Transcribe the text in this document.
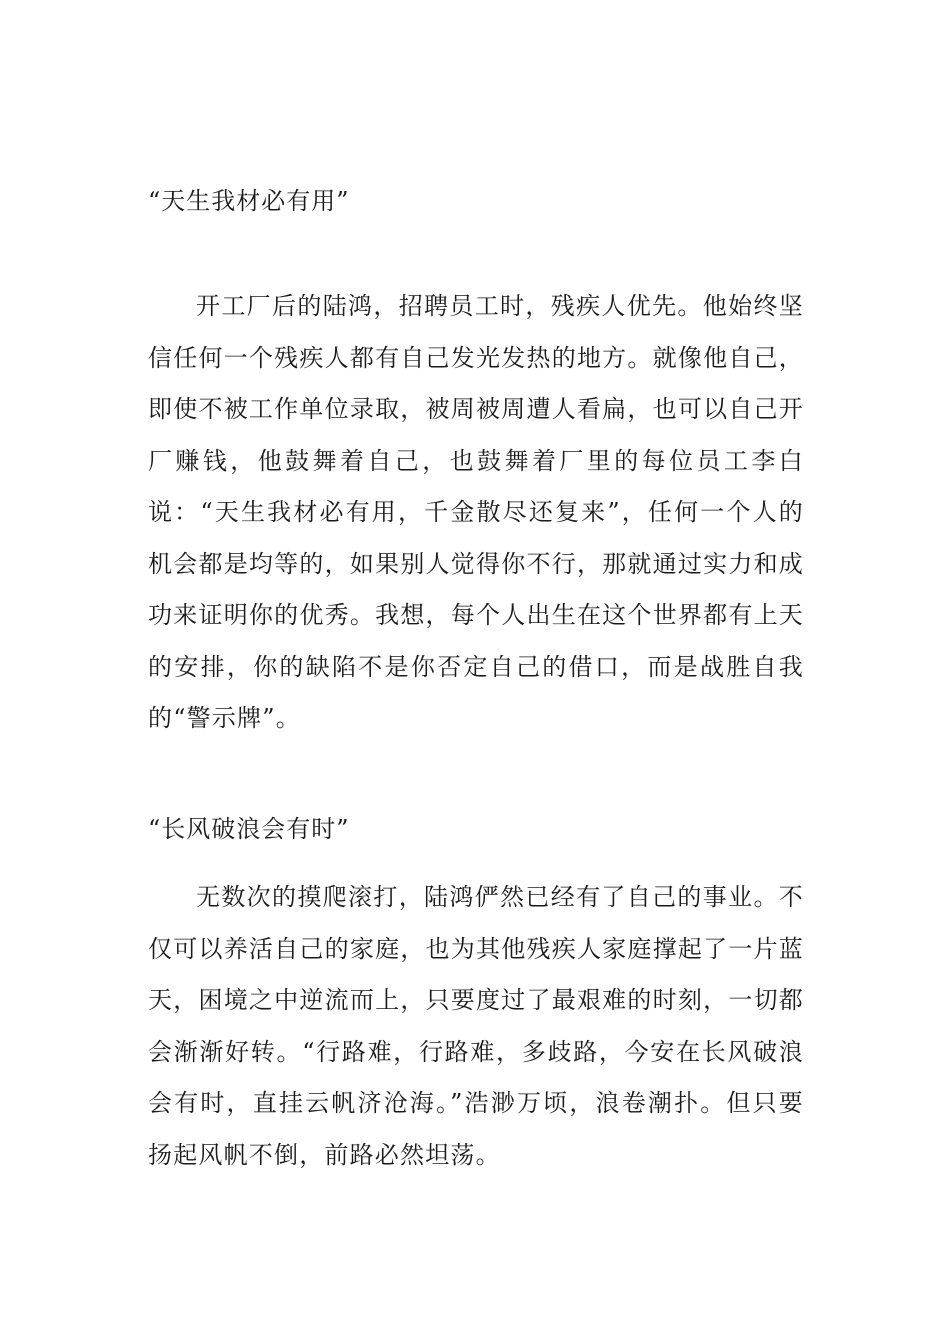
“天生我材必有用”

开工厂后的陆鸿，招聘员工时，残疾人优先。他始终坚信任何一个残疾人都有自己发光发热的地方。就像他自己，即使不被工作单位录取，被周被周遭人看扁，也可以自己开厂赚钱，他鼓舞着自己，也鼓舞着厂里的每位员工李白说：“天生我材必有用，千金散尽还复来”，任何一个人的机会都是均等的，如果别人觉得你不行，那就通过实力和成功来证明你的优秀。我想，每个人出生在这个世界都有上天的安排，你的缺陷不是你否定自己的借口，而是战胜自我的“警示牌”。

“长风破浪会有时”

无数次的摸爬滚打，陆鸿俨然已经有了自己的事业。不仅可以养活自己的家庭，也为其他残疾人家庭撑起了一片蓝天，困境之中逆流而上，只要度过了最艰难的时刻，一切都会渐渐好转。“行路难，行路难，多歧路，今安在长风破浪会有时，直挂云帆济沧海。”浩渺万顷，浪卷潮扑。但只要扬起风帆不倒，前路必然坦荡。
